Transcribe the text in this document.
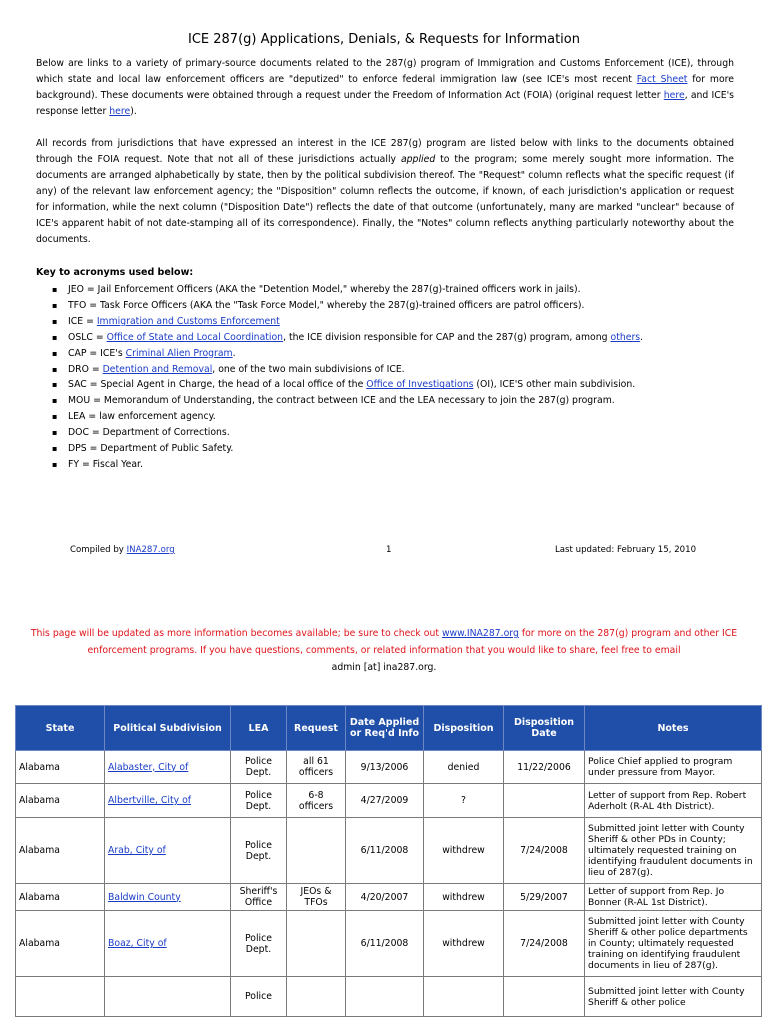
ICE 287(g) Applications, Denials, & Requests for Information

Below are links to a variety of primary-source documents related to the 287(g) program of Immigration and Customs Enforcement (ICE), through which state and local law enforcement officers are "deputized" to enforce federal immigration law (see ICE's most recent Fact Sheet for more background). These documents were obtained through a request under the Freedom of Information Act (FOIA) (original request letter here, and ICE's response letter here).

All records from jurisdictions that have expressed an interest in the ICE 287(g) program are listed below with links to the documents obtained through the FOIA request. Note that not all of these jurisdictions actually applied to the program; some merely sought more information. The documents are arranged alphabetically by state, then by the political subdivision thereof. The "Request" column reflects what the specific request (if any) of the relevant law enforcement agency; the "Disposition" column reflects the outcome, if known, of each jurisdiction's application or request for information, while the next column ("Disposition Date") reflects the date of that outcome (unfortunately, many are marked "unclear" because of ICE's apparent habit of not date-stamping all of its correspondence). Finally, the "Notes" column reflects anything particularly noteworthy about the documents.

Key to acronyms used below:
▪ JEO = Jail Enforcement Officers (AKA the "Detention Model," whereby the 287(g)-trained officers work in jails).
▪ TFO = Task Force Officers (AKA the "Task Force Model," whereby the 287(g)-trained officers are patrol officers).
▪ ICE = Immigration and Customs Enforcement
▪ OSLC = Office of State and Local Coordination, the ICE division responsible for CAP and the 287(g) program, among others.
▪ CAP = ICE's Criminal Alien Program.
▪ DRO = Detention and Removal, one of the two main subdivisions of ICE.
▪ SAC = Special Agent in Charge, the head of a local office of the Office of Investigations (OI), ICE'S other main subdivision.
▪ MOU = Memorandum of Understanding, the contract between ICE and the LEA necessary to join the 287(g) program.
▪ LEA = law enforcement agency.
▪ DOC = Department of Corrections.
▪ DPS = Department of Public Safety.
▪ FY = Fiscal Year.
Compiled by INA287.org	1	Last updated: February 15, 2010
This page will be updated as more information becomes available; be sure to check out www.INA287.org for more on the 287(g) program and other ICE enforcement programs. If you have questions, comments, or related information that you would like to share, feel free to email
admin [at] ina287.org.
State	Political Subdivision	LEA	Request	Date Applied or Req'd Info	Disposition	Disposition Date	Notes
Alabama	Alabaster, City of	Police Dept.	all 61 officers	9/13/2006	denied	11/22/2006	Police Chief applied to program under pressure from Mayor.
Alabama	Albertville, City of	Police Dept.	6-8 officers	4/27/2009	?		Letter of support from Rep. Robert Aderholt (R-AL 4th District).
Alabama	Arab, City of	Police Dept.		6/11/2008	withdrew	7/24/2008	Submitted joint letter with County Sheriff & other PDs in County; ultimately requested training on identifying fraudulent documents in lieu of 287(g).
Alabama	Baldwin County	Sheriff's Office	JEOs & TFOs	4/20/2007	withdrew	5/29/2007	Letter of support from Rep. Jo Bonner (R-AL 1st District).
Alabama	Boaz, City of	Police Dept.		6/11/2008	withdrew	7/24/2008	Submitted joint letter with County Sheriff & other police departments in County; ultimately requested training on identifying fraudulent documents in lieu of 287(g).
		Police					Submitted joint letter with County Sheriff & other police
